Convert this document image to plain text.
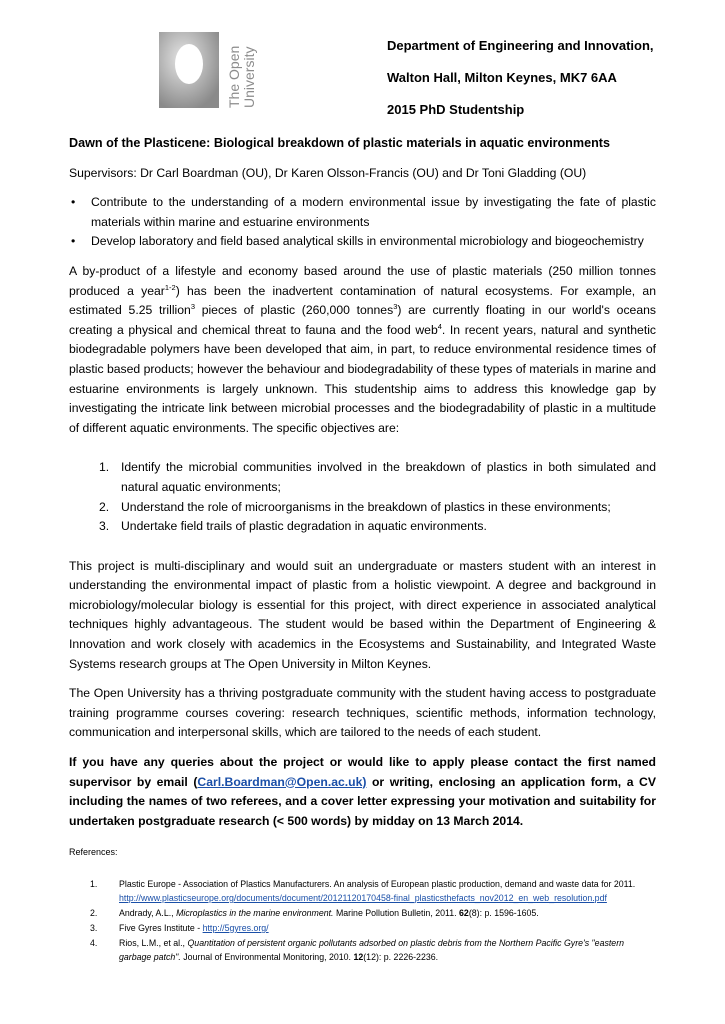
The Open University
Department of Engineering and Innovation,
Walton Hall, Milton Keynes, MK7 6AA
2015 PhD Studentship

Dawn of the Plasticene: Biological breakdown of plastic materials in aquatic environments

Supervisors: Dr Carl Boardman (OU), Dr Karen Olsson-Francis (OU) and Dr Toni Gladding (OU)

• Contribute to the understanding of a modern environmental issue by investigating the fate of plastic materials within marine and estuarine environments
• Develop laboratory and field based analytical skills in environmental microbiology and biogeochemistry

A by-product of a lifestyle and economy based around the use of plastic materials (250 million tonnes produced a year$^{1-2}$) has been the inadvertent contamination of natural ecosystems. For example, an estimated 5.25 trillion$^3$ pieces of plastic (260,000 tonnes$^3$) are currently floating in our world's oceans creating a physical and chemical threat to fauna and the food web$^4$. In recent years, natural and synthetic biodegradable polymers have been developed that aim, in part, to reduce environmental residence times of plastic based products; however the behaviour and biodegradability of these types of materials in marine and estuarine environments is largely unknown. This studentship aims to address this knowledge gap by investigating the intricate link between microbial processes and the biodegradability of plastic in a multitude of different aquatic environments. The specific objectives are:

1. Identify the microbial communities involved in the breakdown of plastics in both simulated and natural aquatic environments;
2. Understand the role of microorganisms in the breakdown of plastics in these environments;
3. Undertake field trails of plastic degradation in aquatic environments.

This project is multi-disciplinary and would suit an undergraduate or masters student with an interest in understanding the environmental impact of plastic from a holistic viewpoint. A degree and background in microbiology/molecular biology is essential for this project, with direct experience in associated analytical techniques highly advantageous. The student would be based within the Department of Engineering & Innovation and work closely with academics in the Ecosystems and Sustainability, and Integrated Waste Systems research groups at The Open University in Milton Keynes.

The Open University has a thriving postgraduate community with the student having access to postgraduate training programme courses covering: research techniques, scientific methods, information technology, communication and interpersonal skills, which are tailored to the needs of each student.

If you have any queries about the project or would like to apply please contact the first named supervisor by email (Carl.Boardman@Open.ac.uk) or writing, enclosing an application form, a CV including the names of two referees, and a cover letter expressing your motivation and suitability for undertaken postgraduate research (< 500 words) by midday on 13 March 2014.

References:

1. Plastic Europe - Association of Plastics Manufacturers. An analysis of European plastic production, demand and waste data for 2011.
http://www.plasticseurope.org/documents/document/20121120170458-final_plasticsthefacts_nov2012_en_web_resolution.pdf
2. Andrady, A.L., Microplastics in the marine environment. Marine Pollution Bulletin, 2011. 62(8): p. 1596-1605.
3. Five Gyres Institute - http://5gyres.org/
4. Rios, L.M., et al., Quantitation of persistent organic pollutants adsorbed on plastic debris from the Northern Pacific Gyre's "eastern garbage patch". Journal of Environmental Monitoring, 2010. 12(12): p. 2226-2236.
